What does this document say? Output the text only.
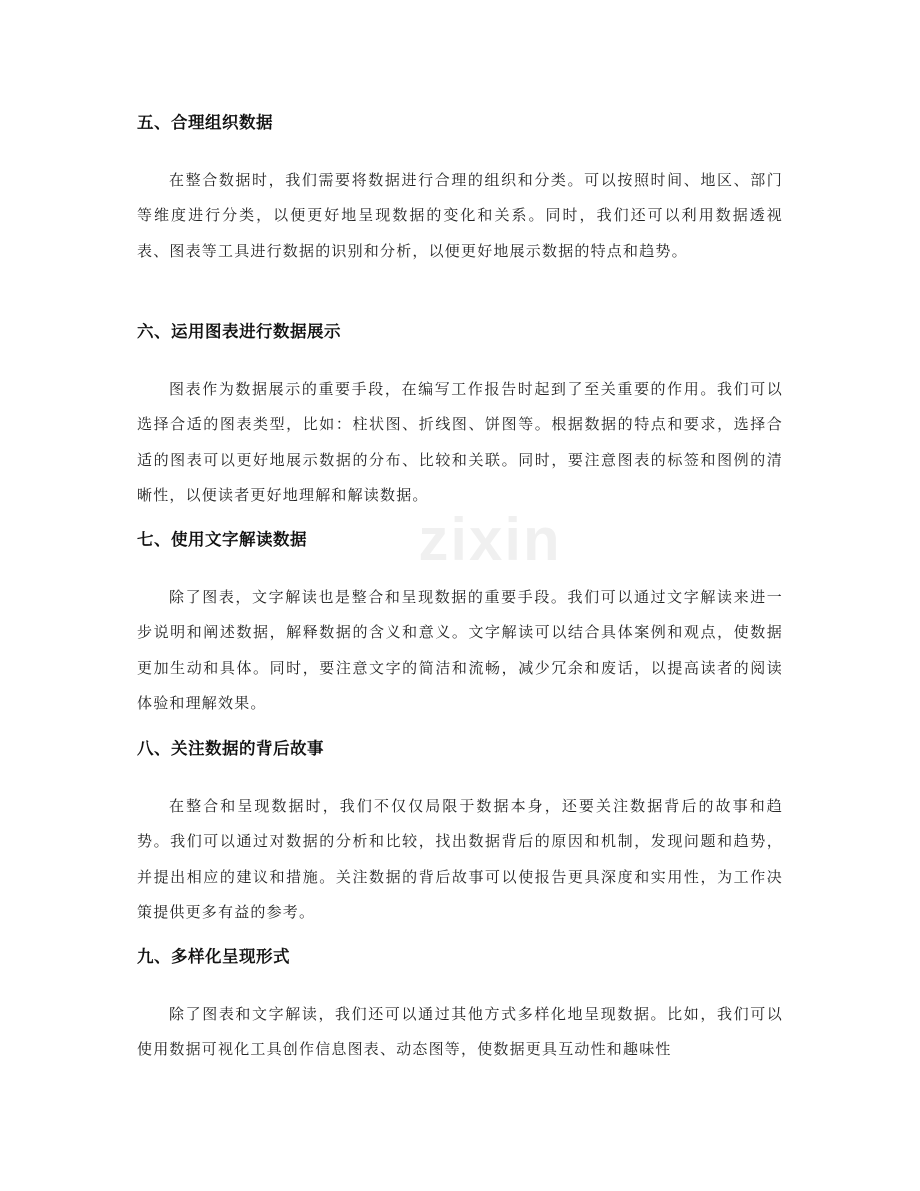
zixin
五、合理组织数据

在整合数据时，我们需要将数据进行合理的组织和分类。可以按照时间、地区、部门等维度进行分类，以便更好地呈现数据的变化和关系。同时，我们还可以利用数据透视表、图表等工具进行数据的识别和分析，以便更好地展示数据的特点和趋势。

六、运用图表进行数据展示

图表作为数据展示的重要手段，在编写工作报告时起到了至关重要的作用。我们可以选择合适的图表类型，比如：柱状图、折线图、饼图等。根据数据的特点和要求，选择合适的图表可以更好地展示数据的分布、比较和关联。同时，要注意图表的标签和图例的清晰性，以便读者更好地理解和解读数据。

七、使用文字解读数据

除了图表，文字解读也是整合和呈现数据的重要手段。我们可以通过文字解读来进一步说明和阐述数据，解释数据的含义和意义。文字解读可以结合具体案例和观点，使数据更加生动和具体。同时，要注意文字的简洁和流畅，减少冗余和废话，以提高读者的阅读体验和理解效果。

八、关注数据的背后故事

在整合和呈现数据时，我们不仅仅局限于数据本身，还要关注数据背后的故事和趋势。我们可以通过对数据的分析和比较，找出数据背后的原因和机制，发现问题和趋势，并提出相应的建议和措施。关注数据的背后故事可以使报告更具深度和实用性，为工作决策提供更多有益的参考。

九、多样化呈现形式

除了图表和文字解读，我们还可以通过其他方式多样化地呈现数据。比如，我们可以使用数据可视化工具创作信息图表、动态图等，使数据更具互动性和趣味性
